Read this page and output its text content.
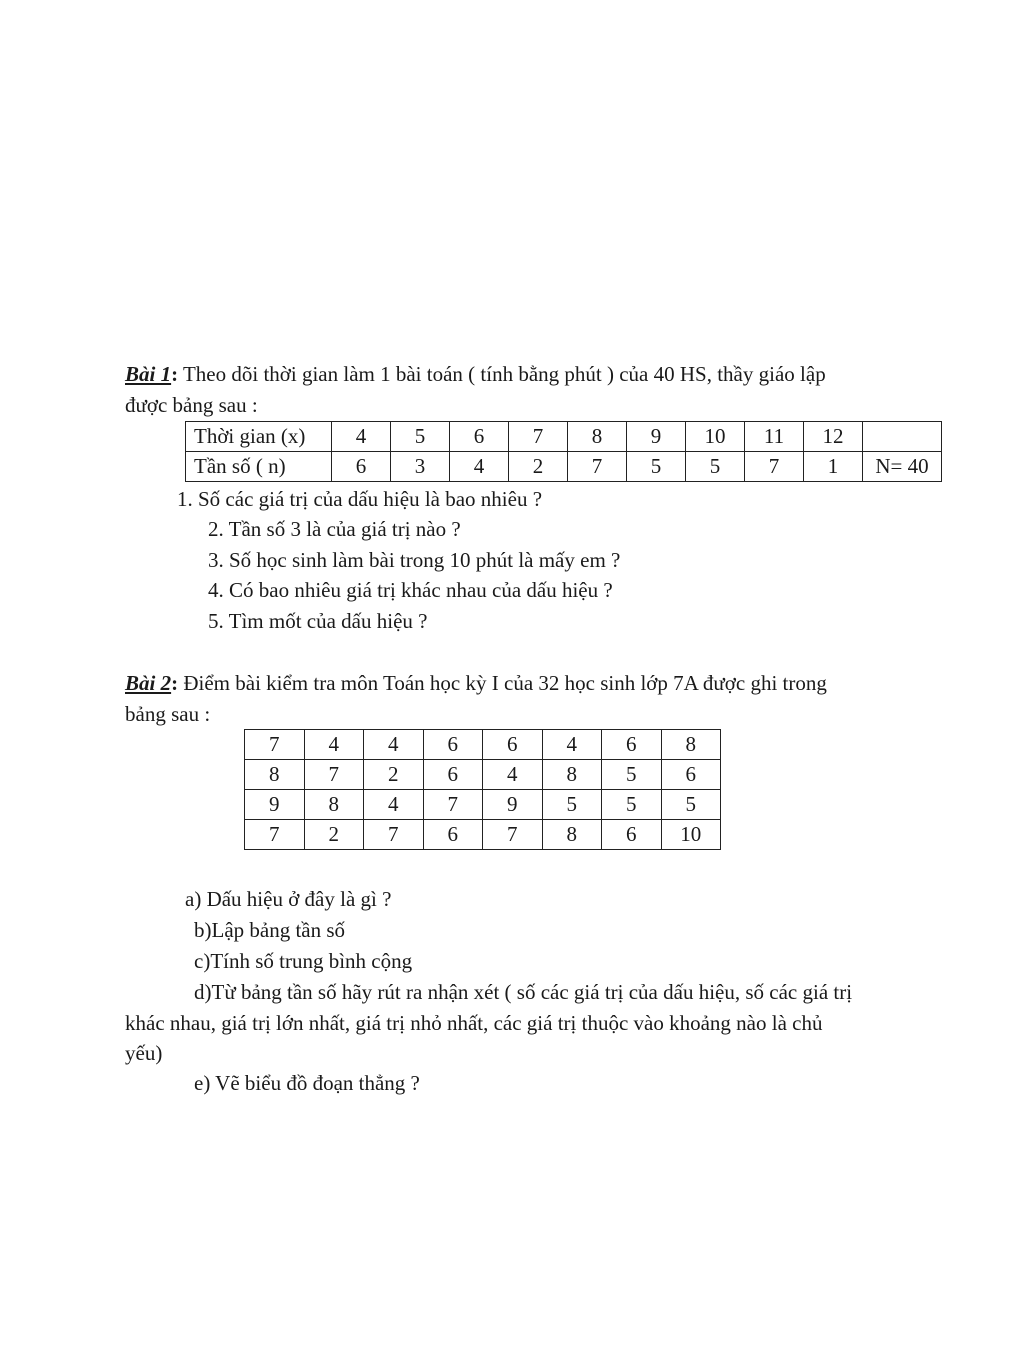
Bài 1: Theo dõi thời gian làm 1 bài toán ( tính bằng phút ) của 40 HS, thầy giáo lập
được bảng sau :
Thời gian (x)	4	5	6	7	8	9	10	11	12	
Tần số ( n)	6	3	4	2	7	5	5	7	1	N= 40
1. Số các giá trị của dấu hiệu là bao nhiêu ?
2. Tần số 3 là của giá trị nào ?
3. Số học sinh làm bài trong 10 phút là mấy em ?
4. Có bao nhiêu giá trị khác nhau của dấu hiệu ?
5. Tìm mốt của dấu hiệu ?
Bài 2: Điểm bài kiểm tra môn Toán học kỳ I của 32 học sinh lớp 7A được ghi trong
bảng sau :
7	4	4	6	6	4	6	8
8	7	2	6	4	8	5	6
9	8	4	7	9	5	5	5
7	2	7	6	7	8	6	10
a) Dấu hiệu ở đây là gì ?
b)Lập bảng tần số
c)Tính số trung bình cộng
d)Từ bảng tần số hãy rút ra nhận xét ( số các giá trị của dấu hiệu, số các giá trị
khác nhau, giá trị lớn nhất, giá trị nhỏ nhất, các giá trị thuộc vào khoảng nào là chủ
yếu)
e) Vẽ biểu đồ đoạn thẳng ?
